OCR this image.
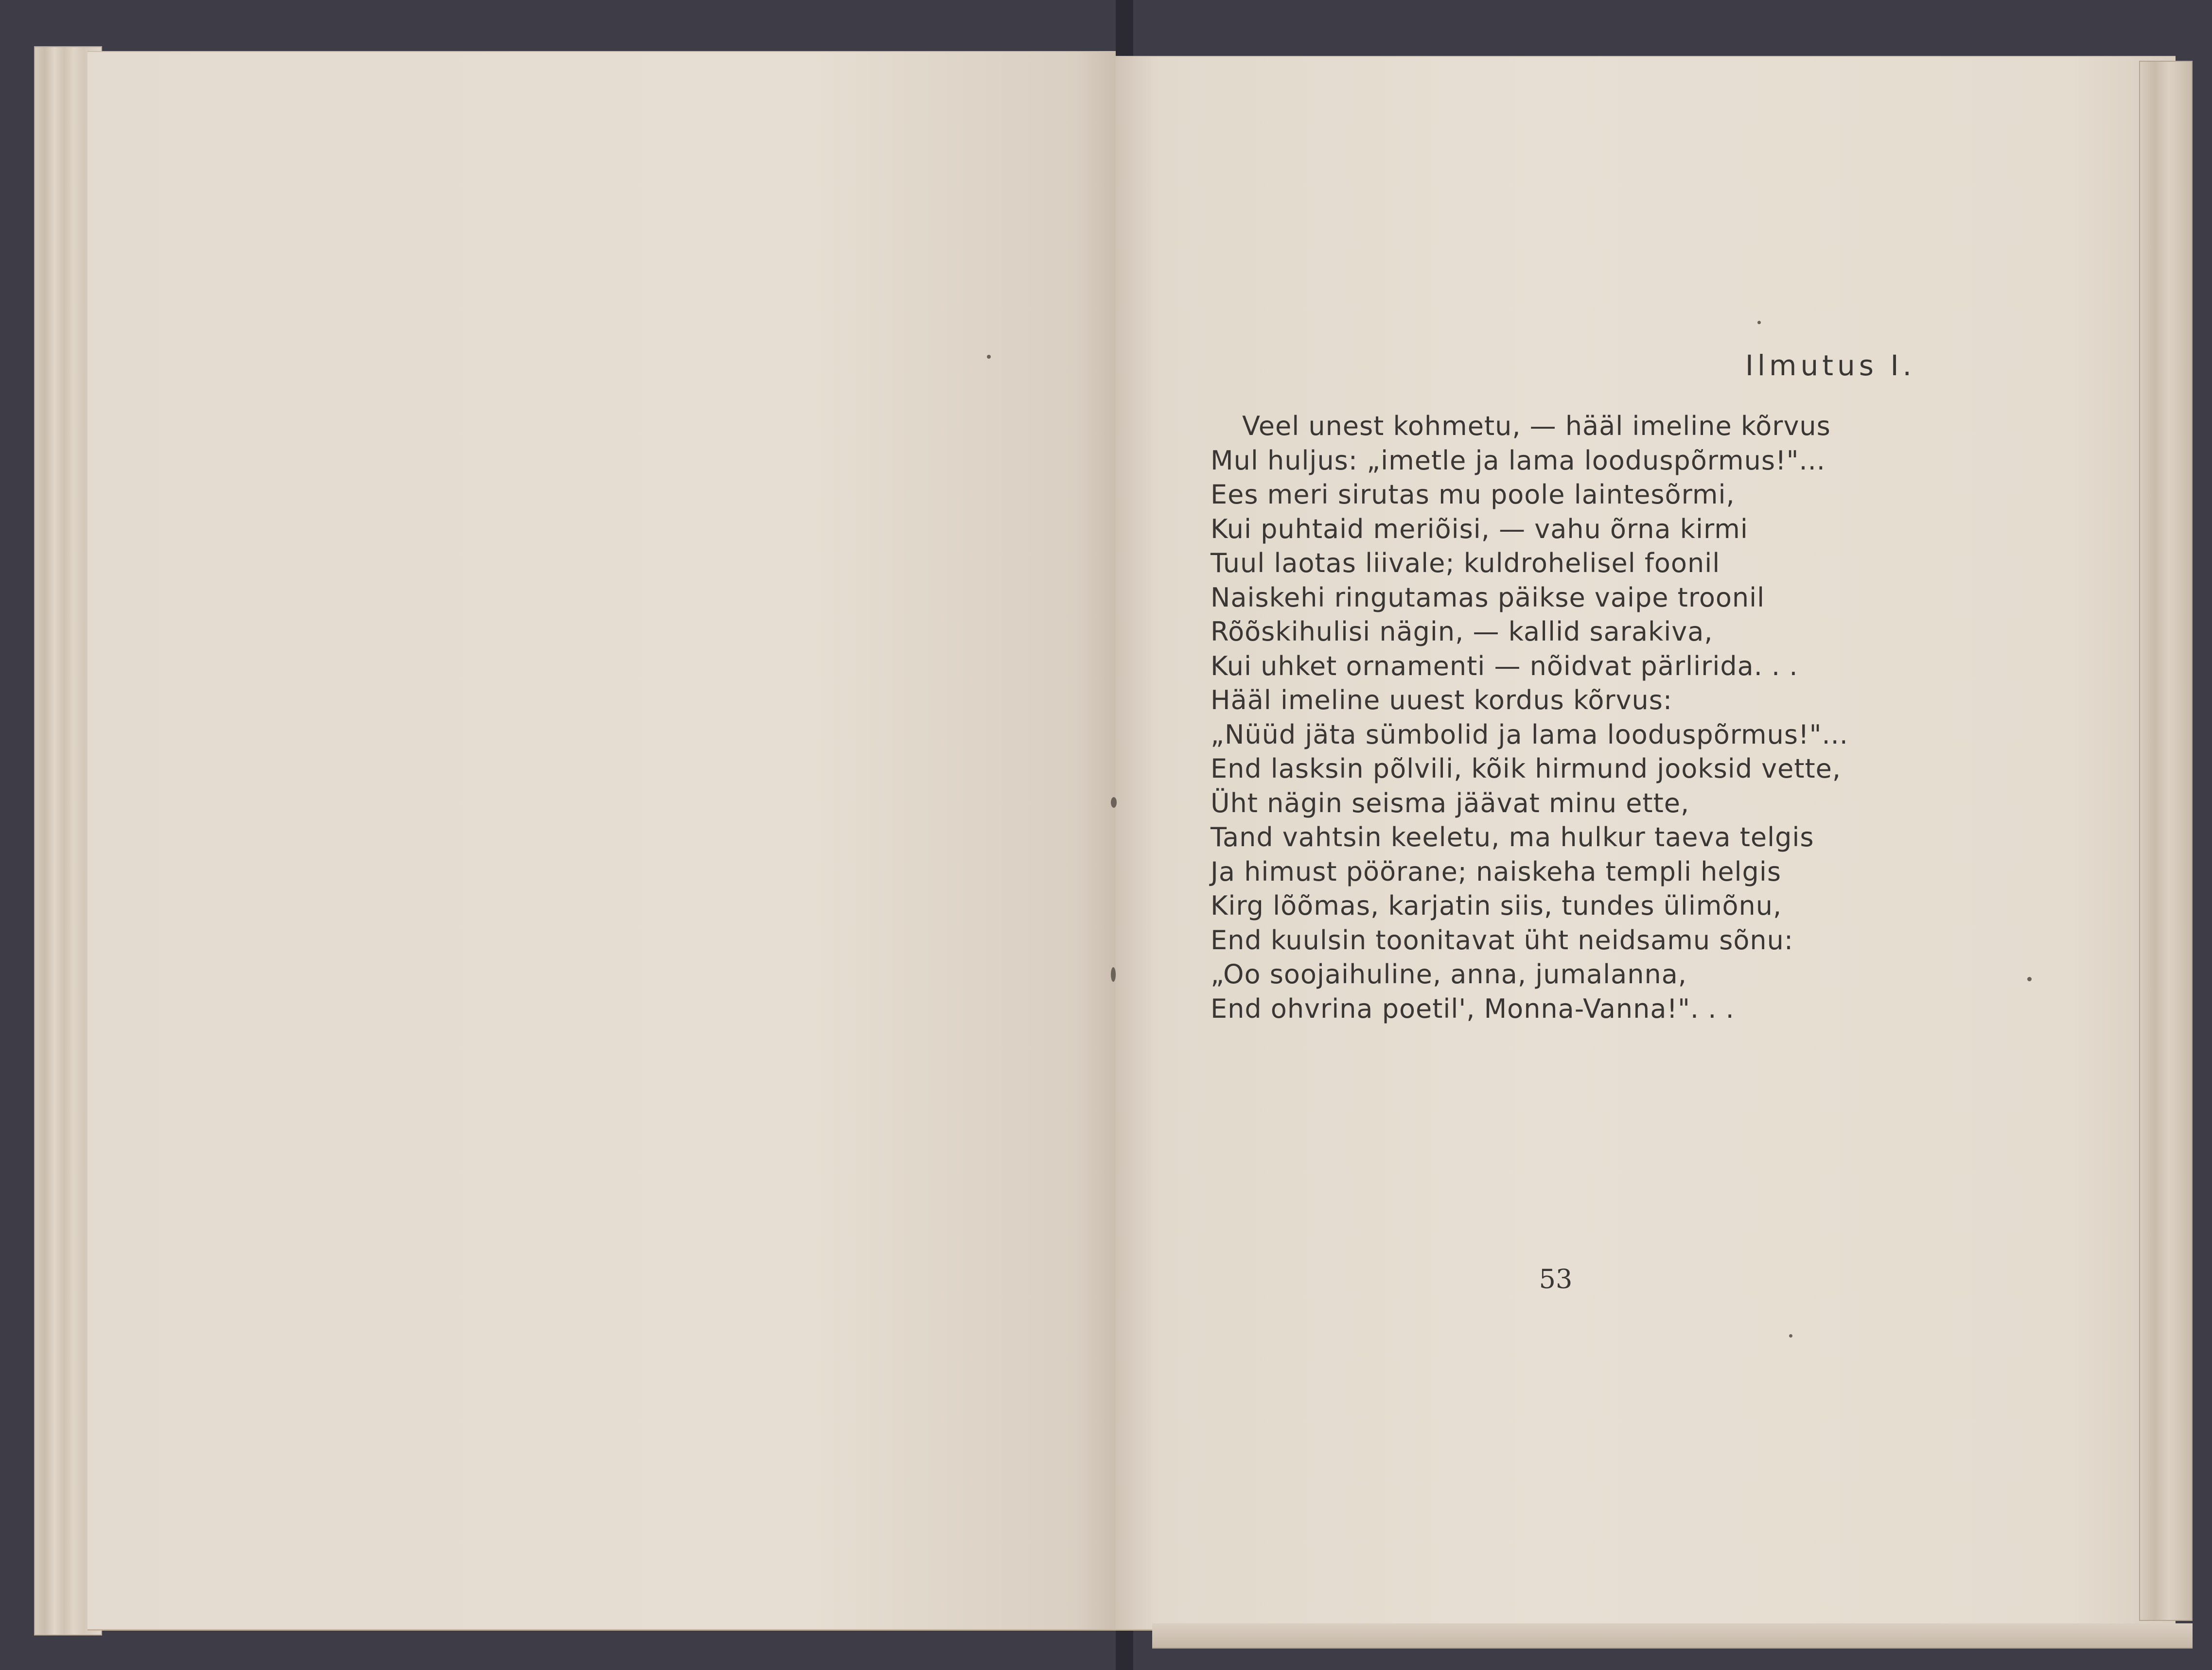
Ilmutus I.
Veel unest kohmetu, — hääl imeline kõrvus
Mul huljus: „imetle ja lama looduspõrmus!"...
Ees meri sirutas mu poole laintesõrmi,
Kui puhtaid meriõisi, — vahu õrna kirmi
Tuul laotas liivale; kuldrohelisel foonil
Naiskehi ringutamas päikse vaipe troonil
Rõõskihulisi nägin, — kallid sarakiva,
Kui uhket ornamenti — nõidvat pärlirida. . .
Hääl imeline uuest kordus kõrvus:
„Nüüd jäta sümbolid ja lama looduspõrmus!"...
End lasksin põlvili, kõik hirmund jooksid vette,
Üht nägin seisma jäävat minu ette,
Tand vahtsin keeletu, ma hulkur taeva telgis
Ja himust pöörane; naiskeha templi helgis
Kirg lõõmas, karjatin siis, tundes ülimõnu,
End kuulsin toonitavat üht neidsamu sõnu:
„Oo soojaihuline, anna, jumalanna,
End ohvrina poetil', Monna-Vanna!". . .
53
